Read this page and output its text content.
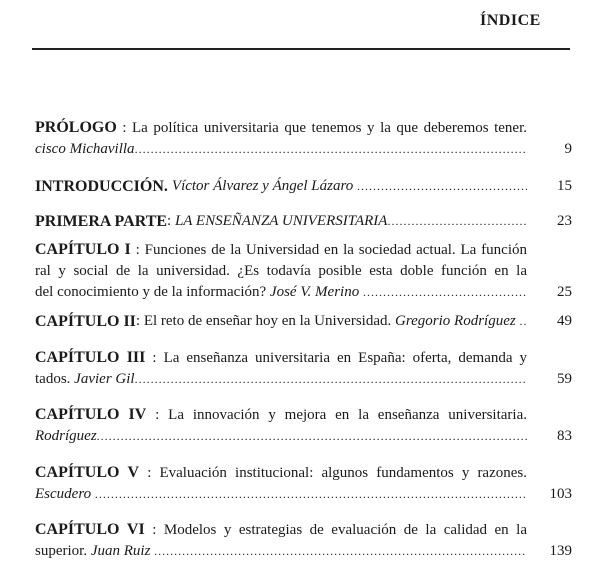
ÍNDICE
PRÓLOGO : La política universitaria que tenemos y la que deberemos tener.
cisco Michavilla .....	9
INTRODUCCIÓN. Víctor Álvarez y Ángel Lázaro .....	15
PRIMERA PARTE : LA ENSEÑANZA UNIVERSITARIA .....	23
CAPÍTULO I : Funciones de la Universidad en la sociedad actual. La función
ral y social de la universidad. ¿Es todavía posible esta doble función en la
del conocimiento y de la información? José V. Merino .....	25
CAPÍTULO II : El reto de enseñar hoy en la Universidad. Gregorio Rodríguez .....	49
CAPÍTULO III : La enseñanza universitaria en España: oferta, demanda y
tados. Javier Gil .....	59
CAPÍTULO IV : La innovación y mejora en la enseñanza universitaria.
Rodríguez .....	83
CAPÍTULO V : Evaluación institucional: algunos fundamentos y razones.
Escudero .....	103
CAPÍTULO VI : Modelos y estrategias de evaluación de la calidad en la
superior. Juan Ruiz .....	139
